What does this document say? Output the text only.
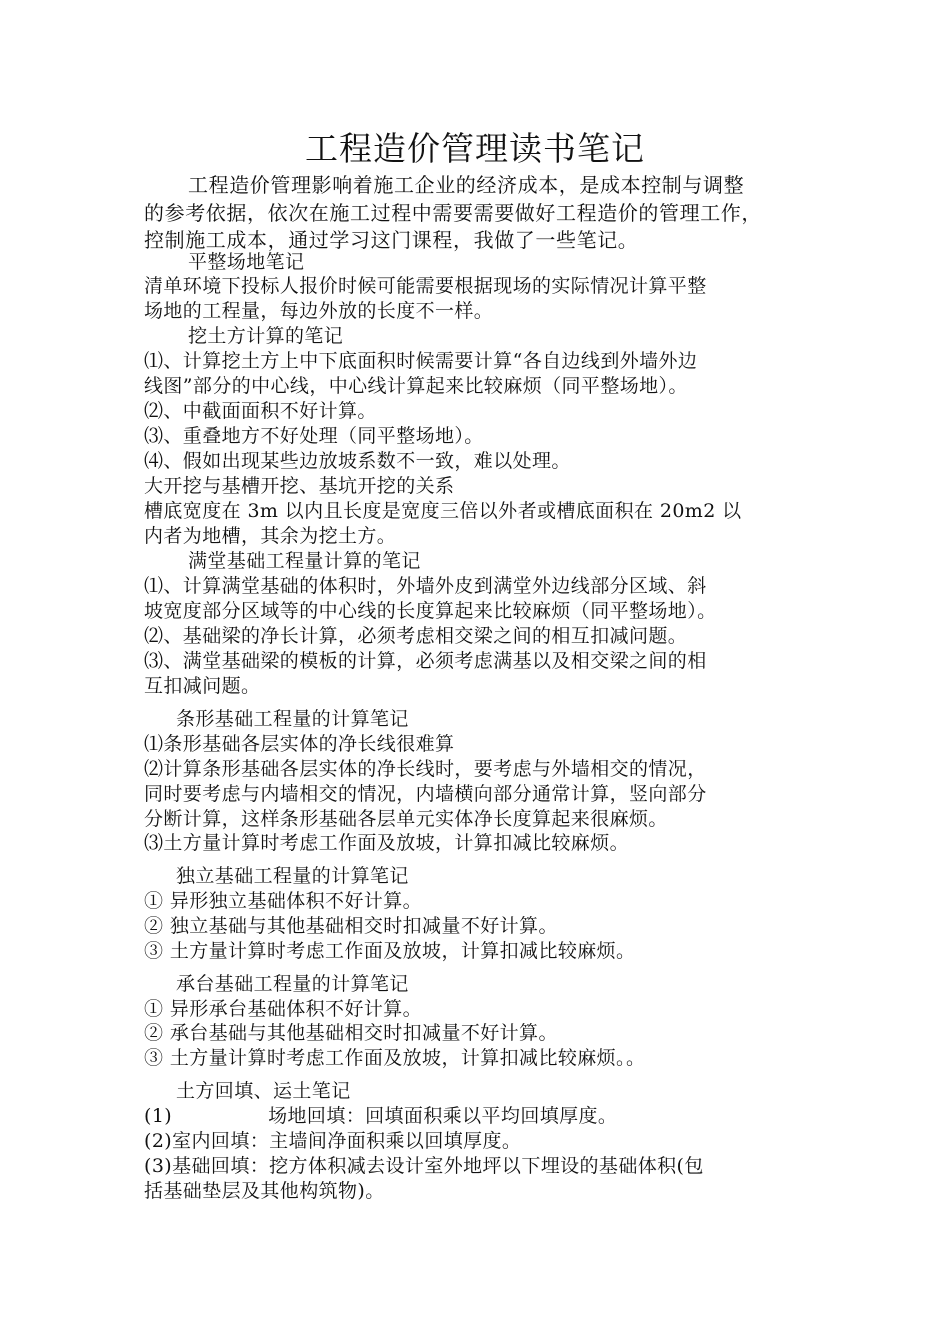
工程造价管理读书笔记
工程造价管理影响着施工企业的经济成本，是成本控制与调整
的参考依据，依次在施工过程中需要需要做好工程造价的管理工作，
控制施工成本，通过学习这门课程，我做了一些笔记。
平整场地笔记
清单环境下投标人报价时候可能需要根据现场的实际情况计算平整
场地的工程量，每边外放的长度不一样。
挖土方计算的笔记
⑴、计算挖土方上中下底面积时候需要计算“各自边线到外墙外边
线图”部分的中心线，中心线计算起来比较麻烦（同平整场地）。
⑵、中截面面积不好计算。
⑶、重叠地方不好处理（同平整场地）。
⑷、假如出现某些边放坡系数不一致，难以处理。
大开挖与基槽开挖、基坑开挖的关系
槽底宽度在 3m 以内且长度是宽度三倍以外者或槽底面积在 20m2 以
内者为地槽，其余为挖土方。
满堂基础工程量计算的笔记
⑴、计算满堂基础的体积时，外墙外皮到满堂外边线部分区域、斜
坡宽度部分区域等的中心线的长度算起来比较麻烦（同平整场地）。
⑵、基础梁的净长计算，必须考虑相交梁之间的相互扣减问题。
⑶、满堂基础梁的模板的计算，必须考虑满基以及相交梁之间的相
互扣减问题。
条形基础工程量的计算笔记
⑴条形基础各层实体的净长线很难算
⑵计算条形基础各层实体的净长线时，要考虑与外墙相交的情况，
同时要考虑与内墙相交的情况，内墙横向部分通常计算，竖向部分
分断计算，这样条形基础各层单元实体净长度算起来很麻烦。
⑶土方量计算时考虑工作面及放坡，计算扣减比较麻烦。
独立基础工程量的计算笔记
① 异形独立基础体积不好计算。
② 独立基础与其他基础相交时扣减量不好计算。
③ 土方量计算时考虑工作面及放坡，计算扣减比较麻烦。
承台基础工程量的计算笔记
① 异形承台基础体积不好计算。
② 承台基础与其他基础相交时扣减量不好计算。
③ 土方量计算时考虑工作面及放坡，计算扣减比较麻烦。。
土方回填、运土笔记
(1)	场地回填：回填面积乘以平均回填厚度。
(2)室内回填：主墙间净面积乘以回填厚度。
(3)基础回填：挖方体积减去设计室外地坪以下埋设的基础体积(包
括基础垫层及其他构筑物)。
